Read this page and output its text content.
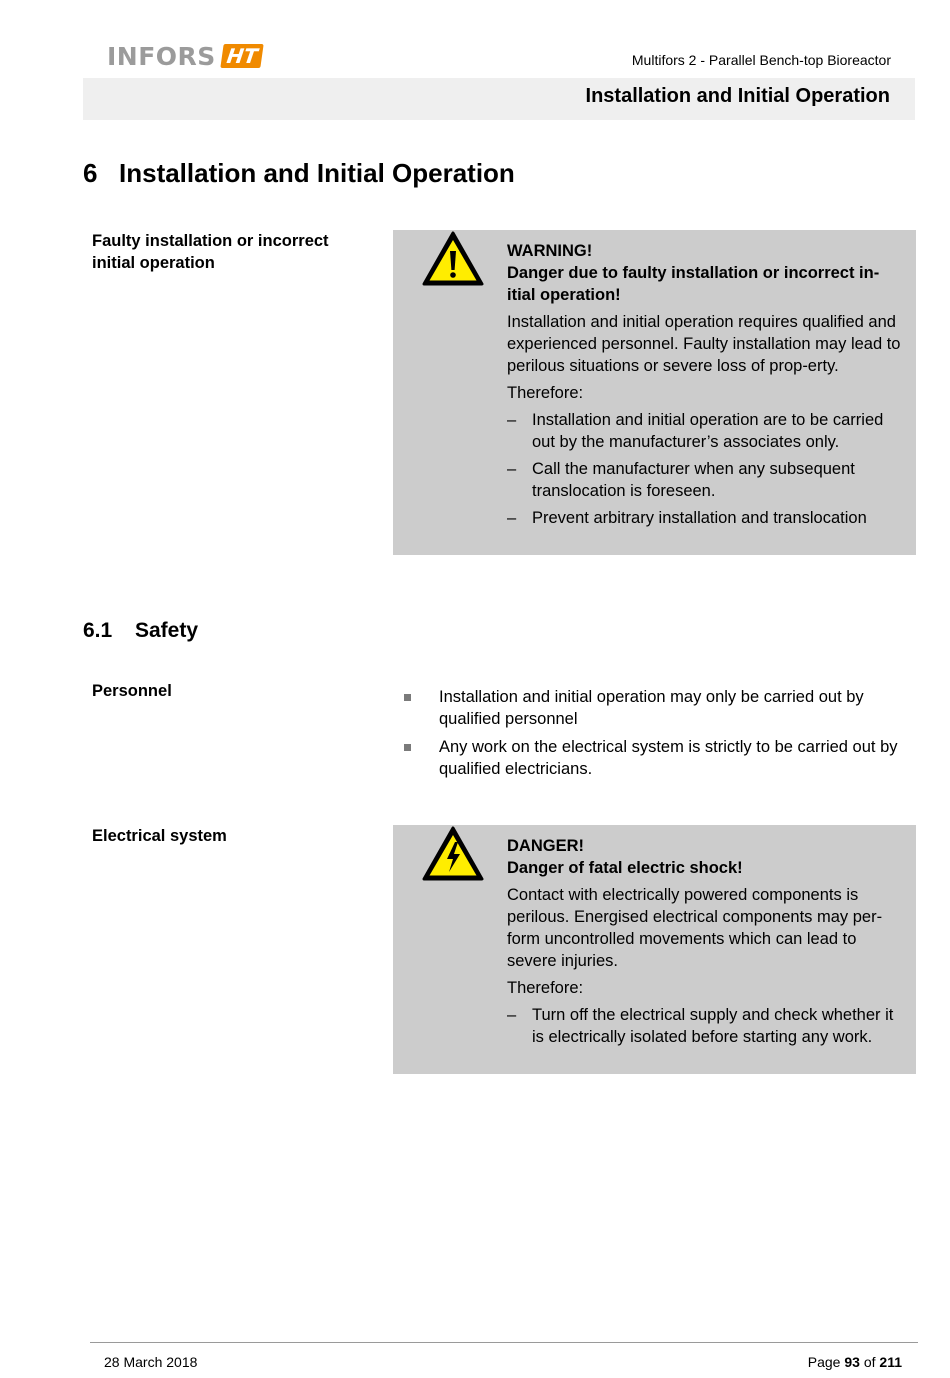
INFORS HT	Multifors 2 - Parallel Bench-top Bioreactor
Installation and Initial Operation
6 Installation and Initial Operation
Faulty installation or incorrect initial operation
WARNING!
Danger due to faulty installation or incorrect in-

itial operation!

Installation and initial operation requires qualified and experienced personnel. Faulty installation may lead to perilous situations or severe loss of prop-erty.

Therefore:

– Installation and initial operation are to be carried out by the manufacturer’s associates only.
– Call the manufacturer when any subsequent translocation is foreseen.
– Prevent arbitrary installation and translocation
6.1 Safety
Personnel	Installation and initial operation may only be carried out by qualified personnel
Any work on the electrical system is strictly to be carried out by qualified electricians.
Electrical system
DANGER!

Danger of fatal electric shock!

Contact with electrically powered components is perilous. Energised electrical components may per-form uncontrolled movements which can lead to severe injuries.

Therefore:

– Turn off the electrical supply and check whether it is electrically isolated before starting any work.
28 March 2018	Page 93 of 211
